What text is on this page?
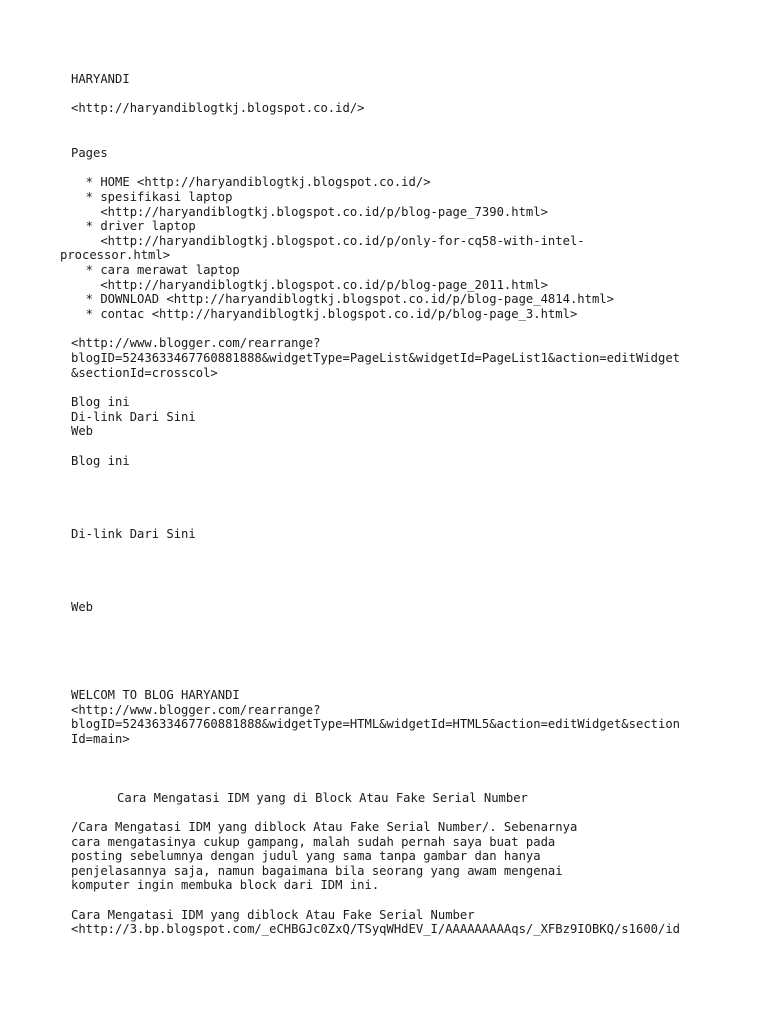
HARYANDI
<http://haryandiblogtkj.blogspot.co.id/>
Pages
* HOME <http://haryandiblogtkj.blogspot.co.id/>
* spesifikasi laptop
<http://haryandiblogtkj.blogspot.co.id/p/blog-page_7390.html>
* driver laptop
<http://haryandiblogtkj.blogspot.co.id/p/only-for-cq58-with-intel-
processor.html>
* cara merawat laptop
<http://haryandiblogtkj.blogspot.co.id/p/blog-page_2011.html>
* DOWNLOAD <http://haryandiblogtkj.blogspot.co.id/p/blog-page_4814.html>
* contac <http://haryandiblogtkj.blogspot.co.id/p/blog-page_3.html>
<http://www.blogger.com/rearrange?
blogID=5243633467760881888&widgetType=PageList&widgetId=PageList1&action=editWidget
&sectionId=crosscol>
Blog ini
Di-link Dari Sini
Web
Blog ini
Di-link Dari Sini
Web
WELCOM TO BLOG HARYANDI
<http://www.blogger.com/rearrange?
blogID=5243633467760881888&widgetType=HTML&widgetId=HTML5&action=editWidget&section
Id=main>
Cara Mengatasi IDM yang di Block Atau Fake Serial Number
/Cara Mengatasi IDM yang diblock Atau Fake Serial Number/. Sebenarnya
cara mengatasinya cukup gampang, malah sudah pernah saya buat pada
posting sebelumnya dengan judul yang sama tanpa gambar dan hanya
penjelasannya saja, namun bagaimana bila seorang yang awam mengenai
komputer ingin membuka block dari IDM ini.
Cara Mengatasi IDM yang diblock Atau Fake Serial Number
<http://3.bp.blogspot.com/_eCHBGJc0ZxQ/TSyqWHdEV_I/AAAAAAAAAqs/_XFBz9IOBKQ/s1600/id
